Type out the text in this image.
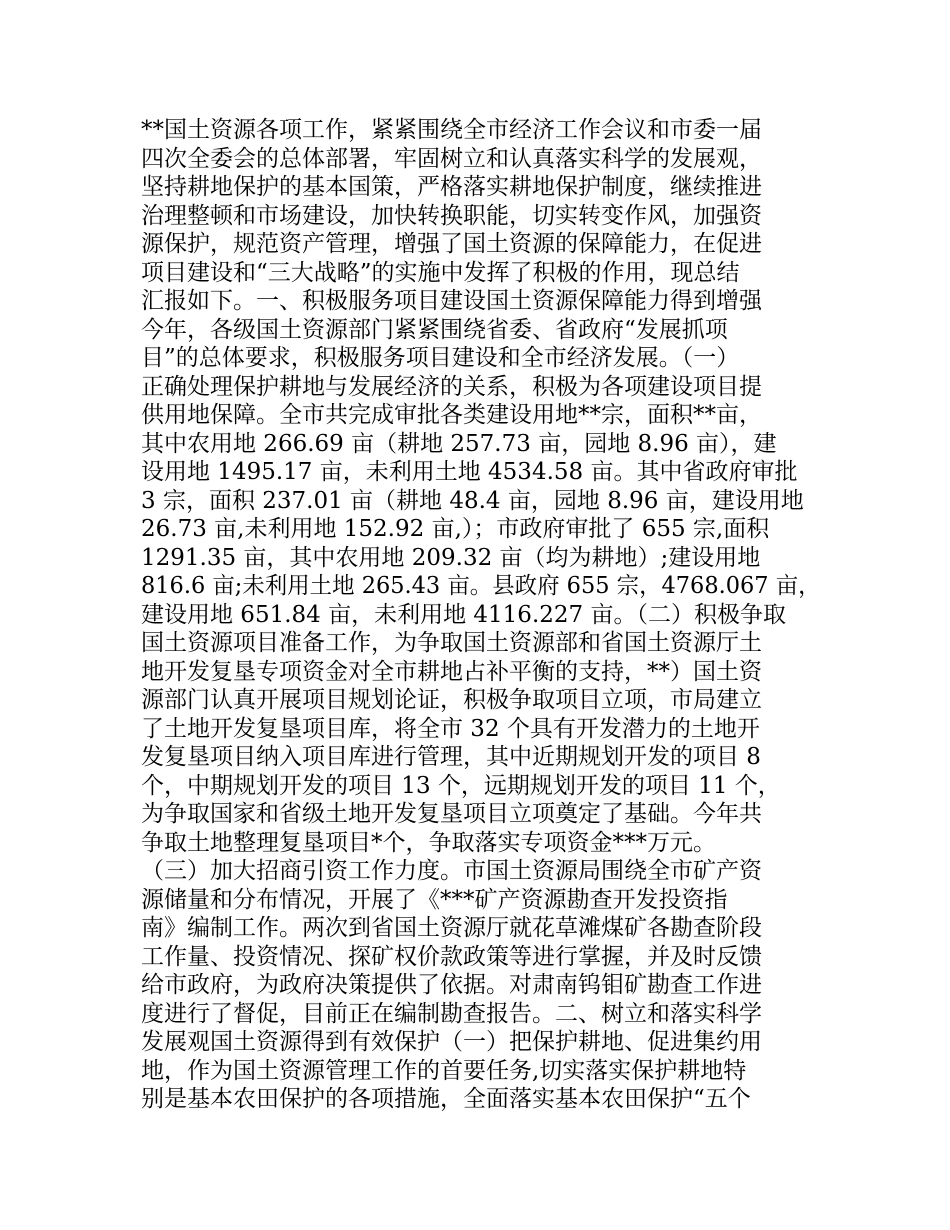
**国土资源各项工作，紧紧围绕全市经济工作会议和市委一届
四次全委会的总体部署，牢固树立和认真落实科学的发展观，
坚持耕地保护的基本国策，严格落实耕地保护制度，继续推进
治理整顿和市场建设，加快转换职能，切实转变作风，加强资
源保护，规范资产管理，增强了国土资源的保障能力，在促进
项目建设和“三大战略”的实施中发挥了积极的作用，现总结
汇报如下。一、积极服务项目建设国土资源保障能力得到增强
今年，各级国土资源部门紧紧围绕省委、省政府“发展抓项
目”的总体要求，积极服务项目建设和全市经济发展。（一）
正确处理保护耕地与发展经济的关系，积极为各项建设项目提
供用地保障。全市共完成审批各类建设用地**宗，面积**亩，
其中农用地 266.69 亩（耕地 257.73 亩，园地 8.96 亩），建
设用地 1495.17 亩，未利用土地 4534.58 亩。其中省政府审批
3 宗，面积 237.01 亩（耕地 48.4 亩，园地 8.96 亩，建设用地
26.73 亩,未利用地 152.92 亩,）；市政府审批了 655 宗,面积
1291.35 亩，其中农用地 209.32 亩（均为耕地）;建设用地
816.6 亩;未利用土地 265.43 亩。县政府 655 宗，4768.067 亩，
建设用地 651.84 亩，未利用地 4116.227 亩。（二）积极争取
国土资源项目准备工作，为争取国土资源部和省国土资源厅土
地开发复垦专项资金对全市耕地占补平衡的支持，**）国土资
源部门认真开展项目规划论证，积极争取项目立项，市局建立
了土地开发复垦项目库，将全市 32 个具有开发潜力的土地开
发复垦项目纳入项目库进行管理，其中近期规划开发的项目 8
个，中期规划开发的项目 13 个，远期规划开发的项目 11 个，
为争取国家和省级土地开发复垦项目立项奠定了基础。今年共
争取土地整理复垦项目*个，争取落实专项资金***万元。
（三）加大招商引资工作力度。市国土资源局围绕全市矿产资
源储量和分布情况，开展了《***矿产资源勘查开发投资指
南》编制工作。两次到省国土资源厅就花草滩煤矿各勘查阶段
工作量、投资情况、探矿权价款政策等进行掌握，并及时反馈
给市政府，为政府决策提供了依据。对肃南钨钼矿勘查工作进
度进行了督促，目前正在编制勘查报告。二、树立和落实科学
发展观国土资源得到有效保护（一）把保护耕地、促进集约用
地，作为国土资源管理工作的首要任务,切实落实保护耕地特
别是基本农田保护的各项措施，全面落实基本农田保护“五个
